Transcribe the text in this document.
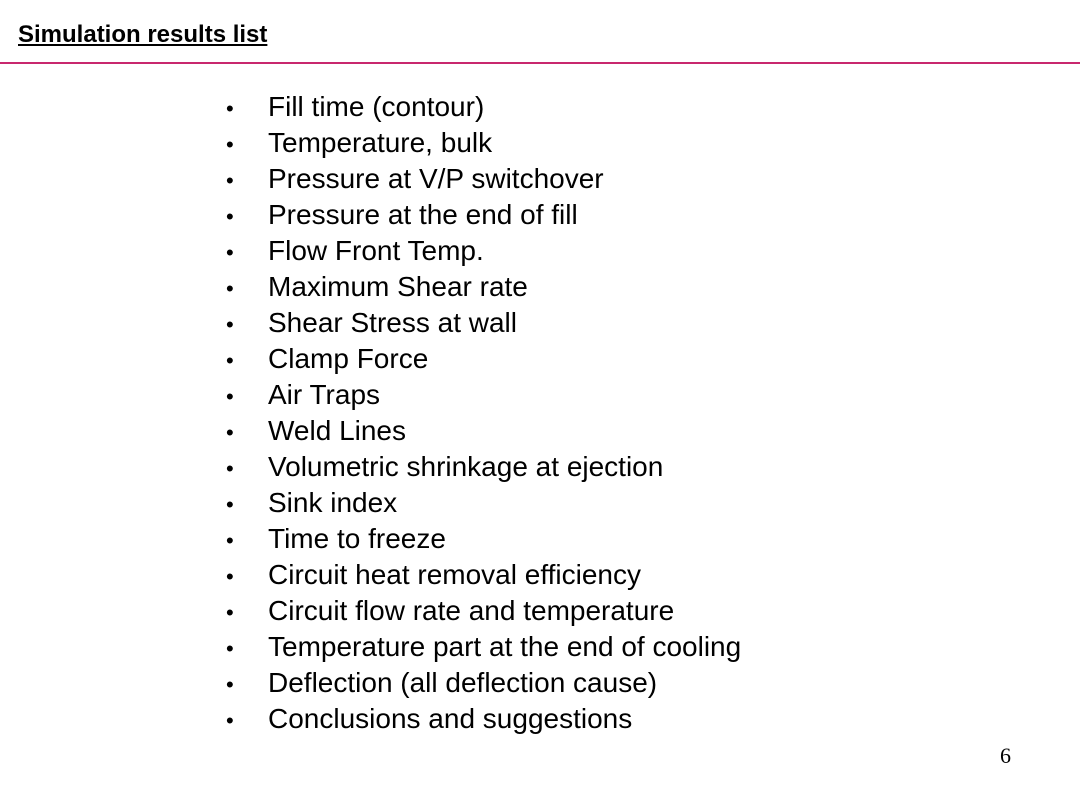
Simulation results list
•	Fill time (contour)
•	Temperature, bulk
•	Pressure at V/P switchover
•	Pressure at the end of fill
•	Flow Front Temp.
•	Maximum Shear rate
•	Shear Stress at wall
•	Clamp Force
•	Air Traps
•	Weld Lines
•	Volumetric shrinkage at ejection
•	Sink index
•	Time to freeze
•	Circuit heat removal efficiency
•	Circuit flow rate and temperature
•	Temperature part at the end of cooling
•	Deflection (all deflection cause)
•	Conclusions and suggestions
6
